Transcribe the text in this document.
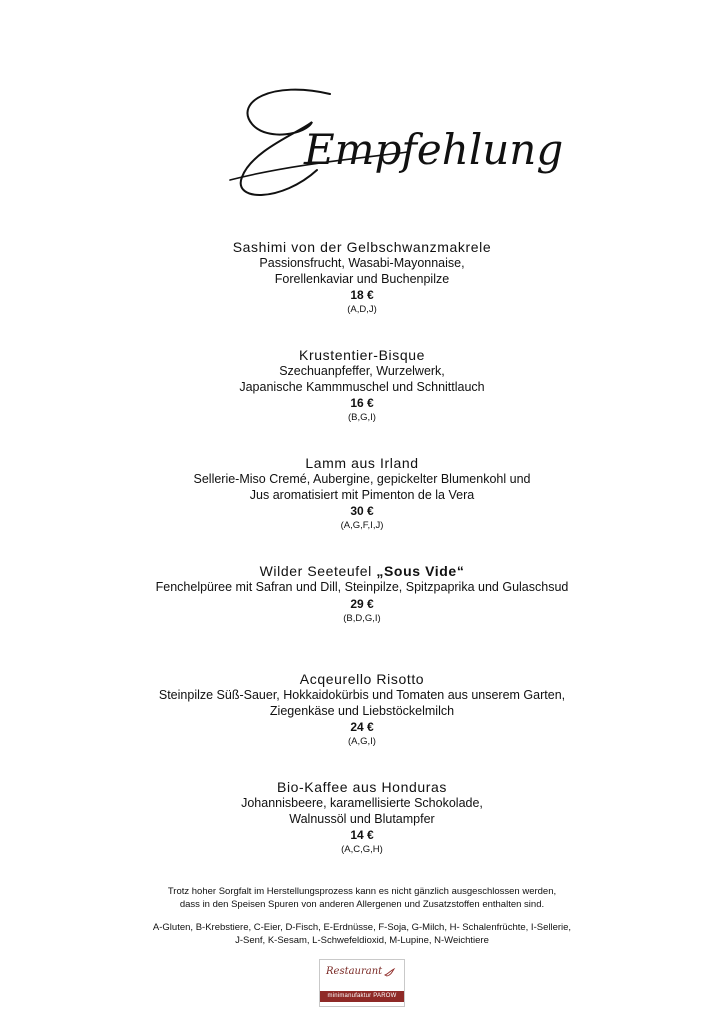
Empfehlung

Sashimi von der Gelbschwanzmakrele

Passionsfrucht, Wasabi-Mayonnaise,

Forellenkaviar und Buchenpilze

18 €

(A,D,J)

Krustentier-Bisque

Szechuanpfeffer, Wurzelwerk,

Japanische Kammmuschel und Schnittlauch

16 €

(B,G,I)

Lamm aus Irland

Sellerie-Miso Cremé, Aubergine, gepickelter Blumenkohl und

Jus aromatisiert mit Pimenton de la Vera

30 €

(A,G,F,I,J)

Wilder Seeteufel „Sous Vide“

Fenchelpüree mit Safran und Dill, Steinpilze, Spitzpaprika und Gulaschsud

29 €

(B,D,G,I)

Acqeurello Risotto

Steinpilze Süß-Sauer, Hokkaidokürbis und Tomaten aus unserem Garten,

Ziegenkäse und Liebstöckelmilch

24 €

(A,G,I)

Bio-Kaffee aus Honduras

Johannisbeere, karamellisierte Schokolade,

Walnussöl und Blutampfer

14 €

(A,C,G,H)

Trotz hoher Sorgfalt im Herstellungsprozess kann es nicht gänzlich ausgeschlossen werden,
dass in den Speisen Spuren von anderen Allergenen und Zusatzstoffen enthalten sind.
A-Gluten, B-Krebstiere, C-Eier, D-Fisch, E-Erdnüsse, F-Soja, G-Milch, H- Schalenfrüchte, I-Sellerie,
J-Senf, K-Sesam, L-Schwefeldioxid, M-Lupine, N-Weichtiere
Restaurant
minimanufaktur PAROW
